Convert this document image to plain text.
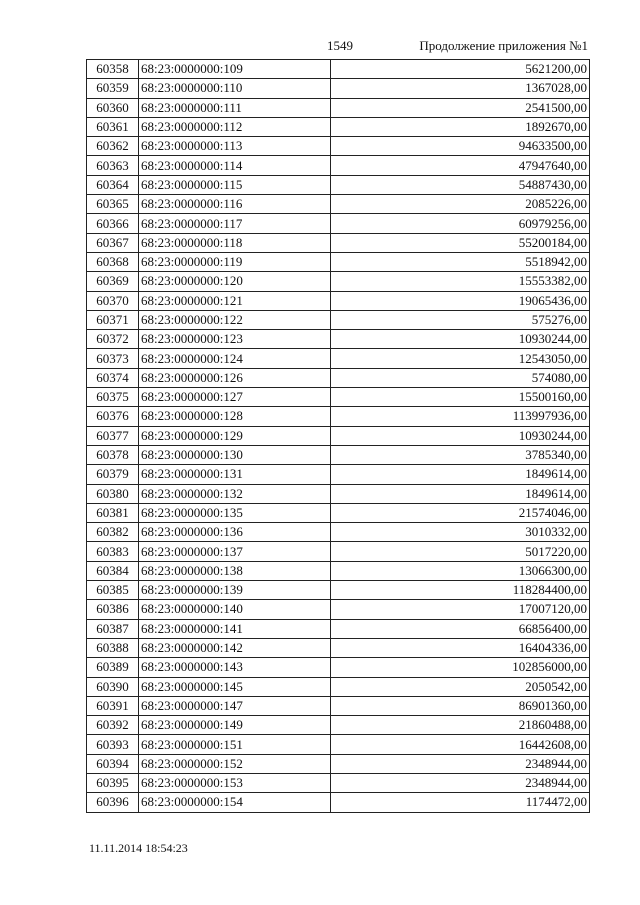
1549	Продолжение приложения №1
60358	68:23:0000000:109	5621200,00
60359	68:23:0000000:110	1367028,00
60360	68:23:0000000:111	2541500,00
60361	68:23:0000000:112	1892670,00
60362	68:23:0000000:113	94633500,00
60363	68:23:0000000:114	47947640,00
60364	68:23:0000000:115	54887430,00
60365	68:23:0000000:116	2085226,00
60366	68:23:0000000:117	60979256,00
60367	68:23:0000000:118	55200184,00
60368	68:23:0000000:119	5518942,00
60369	68:23:0000000:120	15553382,00
60370	68:23:0000000:121	19065436,00
60371	68:23:0000000:122	575276,00
60372	68:23:0000000:123	10930244,00
60373	68:23:0000000:124	12543050,00
60374	68:23:0000000:126	574080,00
60375	68:23:0000000:127	15500160,00
60376	68:23:0000000:128	113997936,00
60377	68:23:0000000:129	10930244,00
60378	68:23:0000000:130	3785340,00
60379	68:23:0000000:131	1849614,00
60380	68:23:0000000:132	1849614,00
60381	68:23:0000000:135	21574046,00
60382	68:23:0000000:136	3010332,00
60383	68:23:0000000:137	5017220,00
60384	68:23:0000000:138	13066300,00
60385	68:23:0000000:139	118284400,00
60386	68:23:0000000:140	17007120,00
60387	68:23:0000000:141	66856400,00
60388	68:23:0000000:142	16404336,00
60389	68:23:0000000:143	102856000,00
60390	68:23:0000000:145	2050542,00
60391	68:23:0000000:147	86901360,00
60392	68:23:0000000:149	21860488,00
60393	68:23:0000000:151	16442608,00
60394	68:23:0000000:152	2348944,00
60395	68:23:0000000:153	2348944,00
60396	68:23:0000000:154	1174472,00
11.11.2014 18:54:23
